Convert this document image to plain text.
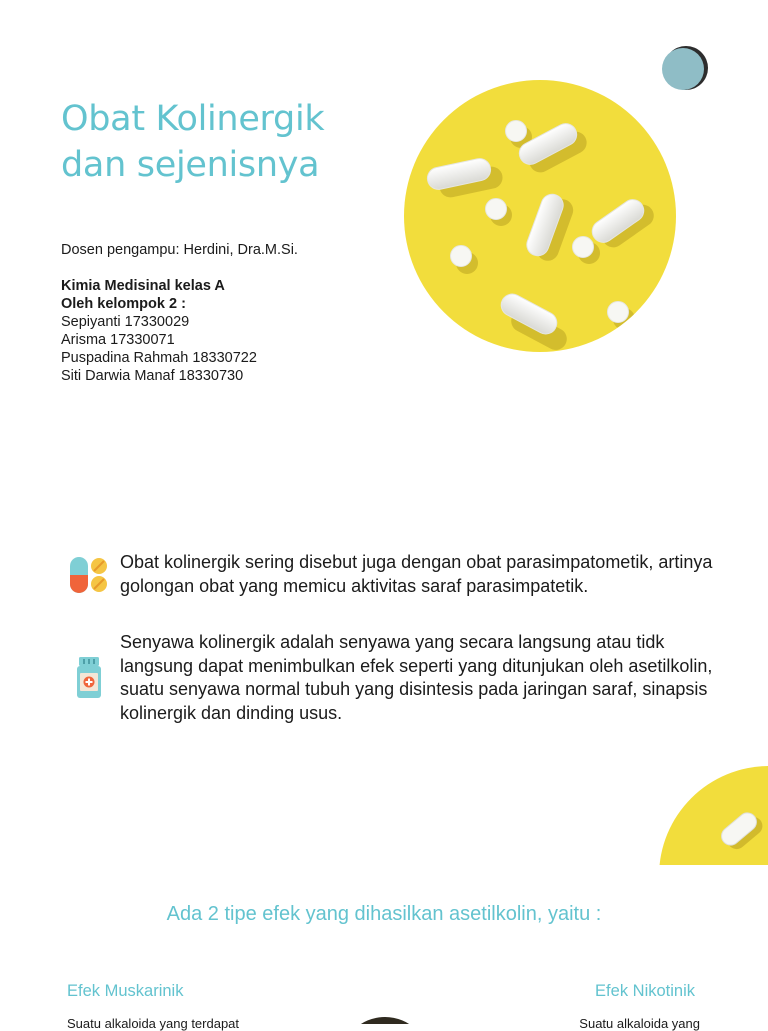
Obat Kolinergik
dan sejenisnya

Dosen pengampu: Herdini, Dra.M.Si.

Kimia Medisinal kelas A

Oleh kelompok 2 :

Sepiyanti 17330029

Arisma 17330071

Puspadina Rahmah 18330722

Siti Darwia Manaf 18330730

Obat kolinergik sering disebut juga dengan obat parasimpatometik, artinya golongan obat yang memicu aktivitas saraf parasimpatetik.
Senyawa kolinergik adalah senyawa yang secara langsung atau tidk langsung dapat menimbulkan efek seperti yang ditunjukan oleh asetilkolin, suatu senyawa normal tubuh yang disintesis pada jaringan saraf, sinapsis kolinergik dan dinding usus.
Ada 2 tipe efek yang dihasilkan asetilkolin, yaitu :
Efek Muskarinik	Efek Nikotinik
Suatu alkaloida yang terdapat	Suatu alkaloida yang
